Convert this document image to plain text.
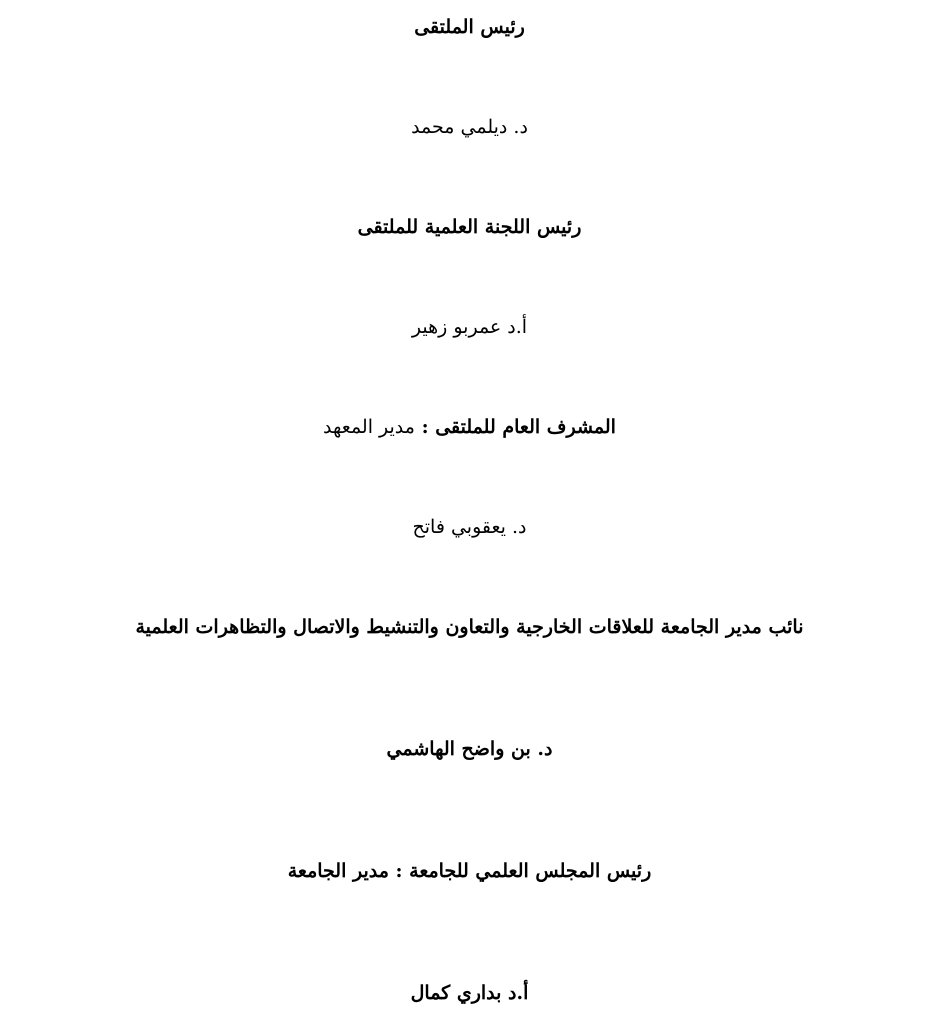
رئيس الملتقى
د. ديلمي محمد
رئيس اللجنة العلمية للملتقى
أ.د عمربو زهير
المشرف العام للملتقى : مدير المعهد
د. يعقوبي فاتح
نائب مدير الجامعة للعلاقات الخارجية والتعاون والتنشيط والاتصال والتظاهرات العلمية
د. بن واضح الهاشمي
رئيس المجلس العلمي للجامعة : مدير الجامعة
أ.د بداري كمال
